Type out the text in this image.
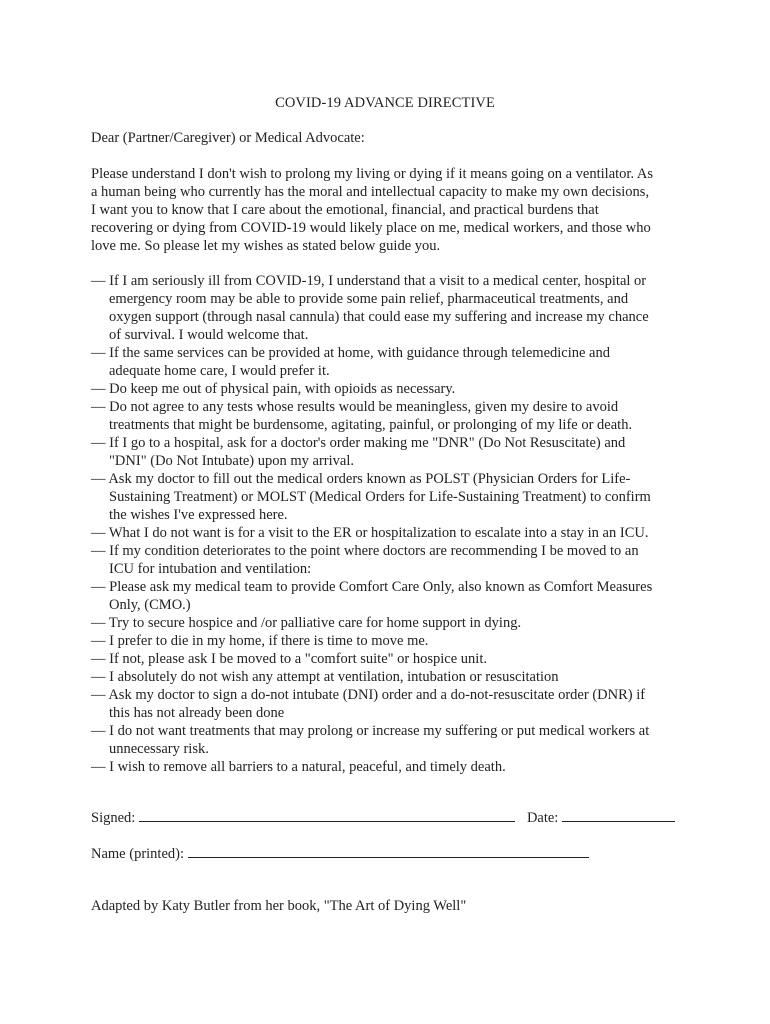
COVID-19 ADVANCE DIRECTIVE
Dear (Partner/Caregiver) or Medical Advocate:

Please understand I don't wish to prolong my living or dying if it means going on a ventilator. As
a human being who currently has the moral and intellectual capacity to make my own decisions,
I want you to know that I care about the emotional, financial, and practical burdens that
recovering or dying from COVID-19 would likely place on me, medical workers, and those who
love me. So please let my wishes as stated below guide you.

— If I am seriously ill from COVID-19, I understand that a visit to a medical center, hospital or
emergency room may be able to provide some pain relief, pharmaceutical treatments, and
oxygen support (through nasal cannula) that could ease my suffering and increase my chance
of survival. I would welcome that.
— If the same services can be provided at home, with guidance through telemedicine and
adequate home care, I would prefer it.
— Do keep me out of physical pain, with opioids as necessary.
— Do not agree to any tests whose results would be meaningless, given my desire to avoid
treatments that might be burdensome, agitating, painful, or prolonging of my life or death.
— If I go to a hospital, ask for a doctor's order making me "DNR" (Do Not Resuscitate) and
"DNI" (Do Not Intubate) upon my arrival.
— Ask my doctor to fill out the medical orders known as POLST (Physician Orders for Life-
Sustaining Treatment) or MOLST (Medical Orders for Life-Sustaining Treatment) to confirm
the wishes I've expressed here.
— What I do not want is for a visit to the ER or hospitalization to escalate into a stay in an ICU.
— If my condition deteriorates to the point where doctors are recommending I be moved to an
ICU for intubation and ventilation:
— Please ask my medical team to provide Comfort Care Only, also known as Comfort Measures
Only, (CMO.)
— Try to secure hospice and /or palliative care for home support in dying.
— I prefer to die in my home, if there is time to move me.
— If not, please ask I be moved to a "comfort suite" or hospice unit.
— I absolutely do not wish any attempt at ventilation, intubation or resuscitation
— Ask my doctor to sign a do-not intubate (DNI) order and a do-not-resuscitate order (DNR) if
this has not already been done
— I do not want treatments that may prolong or increase my suffering or put medical workers at
unnecessary risk.
— I wish to remove all barriers to a natural, peaceful, and timely death.
Signed:	Date:
Name (printed):
Adapted by Katy Butler from her book, "The Art of Dying Well"
